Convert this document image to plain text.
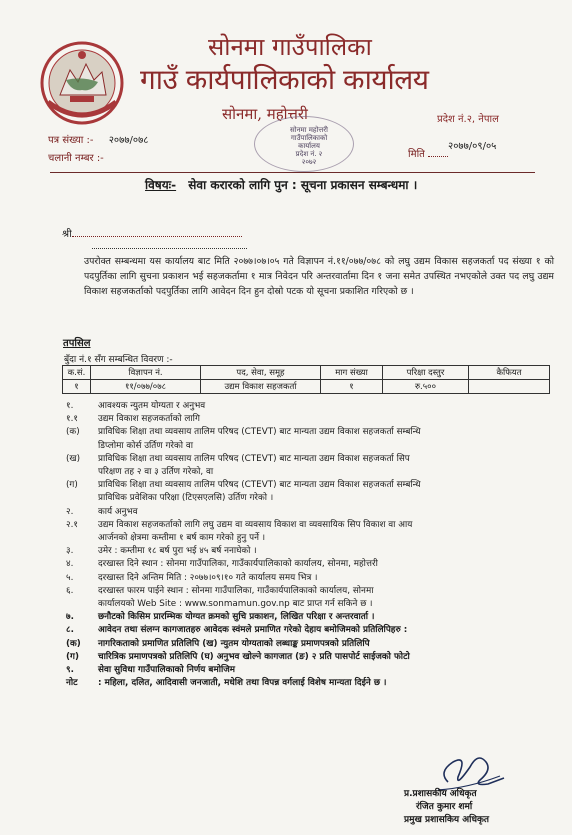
सोनमा गाउँपालिका
गाउँ कार्यपालिकाको कार्यालय
सोनमा, महोत्तरी	प्रदेश नं.२, नेपाल
सोनमा महोत्तरी
गाउँपालिकाको
कार्यालय
प्रदेश नं. २
२०७२
पत्र संख्या :- २०७७/०७८
चलानी नम्बर :-	मिति
२०७७/०९/०५
विषयः- सेवा करारको लागि पुन : सूचना प्रकासन सम्बन्धमा ।
श्री
उपरोक्त सम्बन्धमा यस कार्यालय बाट मिति २०७७।०७।०५ गते विज्ञापन नं.११/०७७/०७८ को लघु उद्यम विकास सहजकर्ता पद संख्या १ को पदपुर्तिका लागि सुचना प्रकाशन भई सहजकर्तामा १ मात्र निवेदन परि अन्तरवार्तामा दिन १ जना समेत उपस्थित नभएकोले उक्त पद लघु उद्यम विकाश सहजकर्ताको पदपुर्तिका लागि आवेदन दिन हुन दोस्रो पटक यो सूचना प्रकाशित गरिएको छ ।
तपसिल
बुँदा नं.१ सँग सम्बन्धित विवरण :-
क.सं.	विज्ञापन नं.	पद, सेवा, समूह	माग संख्या	परिक्षा दस्तुर	कैफियत
१	११/०७७/०७८	उद्यम विकाश सहजकर्ता	१	रु.५००	
१.	आवश्यक न्युतम योग्यता र अनुभव
१.१	उद्यम विकाश सहजकर्ताको लागि
(क)	प्राविधिक शिक्षा तथा व्यवसाय तालिम परिषद (CTEVT) बाट मान्यता उद्यम विकाश सहजकर्ता सम्बन्धि
डिप्लोमा कोर्स उर्तिण गरेको वा
(ख)	प्राविधिक शिक्षा तथा व्यवसाय तालिम परिषद (CTEVT) बाट मान्यता उद्यम विकाश सहजकर्ता सिप
परिक्षण तह २ वा ३ उर्तिण गरेको, वा
(ग)	प्राविधिक शिक्षा तथा व्यवसाय तालिम परिषद (CTEVT) बाट मान्यता उद्यम विकाश सहजकर्ता सम्बन्धि
प्राविधिक प्रवेशिका परिक्षा (टिएसएलसि) उर्तिण गरेको ।
२.	कार्य अनुभव
२.१	उद्यम विकाश सहजकर्ताको लागि लघु उद्यम वा व्यवसाय विकाश वा व्यवसायिक सिप विकाश वा आय
आर्जनको क्षेत्रमा कम्तीमा १ बर्ष काम गरेको हुनु पर्ने ।
३.	उमेर : कम्तीमा १८ बर्ष पुरा भई ४५ बर्ष ननाघेको ।
४.	दरखास्त दिने स्थान : सोनमा गाउँपालिका, गाउँकार्यपालिकाको कार्यालय, सोनमा, महोत्तरी
५.	दरखास्त दिने अन्तिम मिति : २०७७।०९।१० गते कार्यालय समय भित्र ।
६.	दरखास्त फारम पाईने स्थान : सोनमा गाउँपालिका, गाउँकार्यपालिकाको कार्यालय, सोनमा
कार्यालयको Web Site : www.sonmamun.gov.np बाट प्राप्त गर्न सकिने छ ।
७.	छनौटको किसिम प्रारम्भिक योग्यत क्रमको सुचि प्रकाशन, लिखित परिक्षा र अन्तरवार्ता ।
८.	आवेदन तथा संलग्न कागजातहरु आवेदक स्वंमले प्रमाणित गरेको देहाय बमोजिमको प्रतिलिपिहरु :
(क)	नागरिकताको प्रमाणित प्रतिलिपि (ख) न्युतम योग्यताको लब्धाङ्क प्रमाणपत्रको प्रतिलिपि
(ग)	चारित्रिक प्रमाणपत्रको प्रतिलिपि (घ) अनुभव खोल्ने कागजात (ङ) २ प्रति पासपोर्ट साईजको फोटो
९.	सेवा सुविधा गाउँपालिकाको निर्णय बमोजिम
नोट	: महिला, दलित, आदिवासी जनजाती, मधेशि तथा विपन्न वर्गलाई विशेष मान्यता दिईने छ ।
प्र.प्रशासकीय अधिकृत
रंजित कुमार शर्मा
प्रमुख प्रशासकिय अधिकृत
